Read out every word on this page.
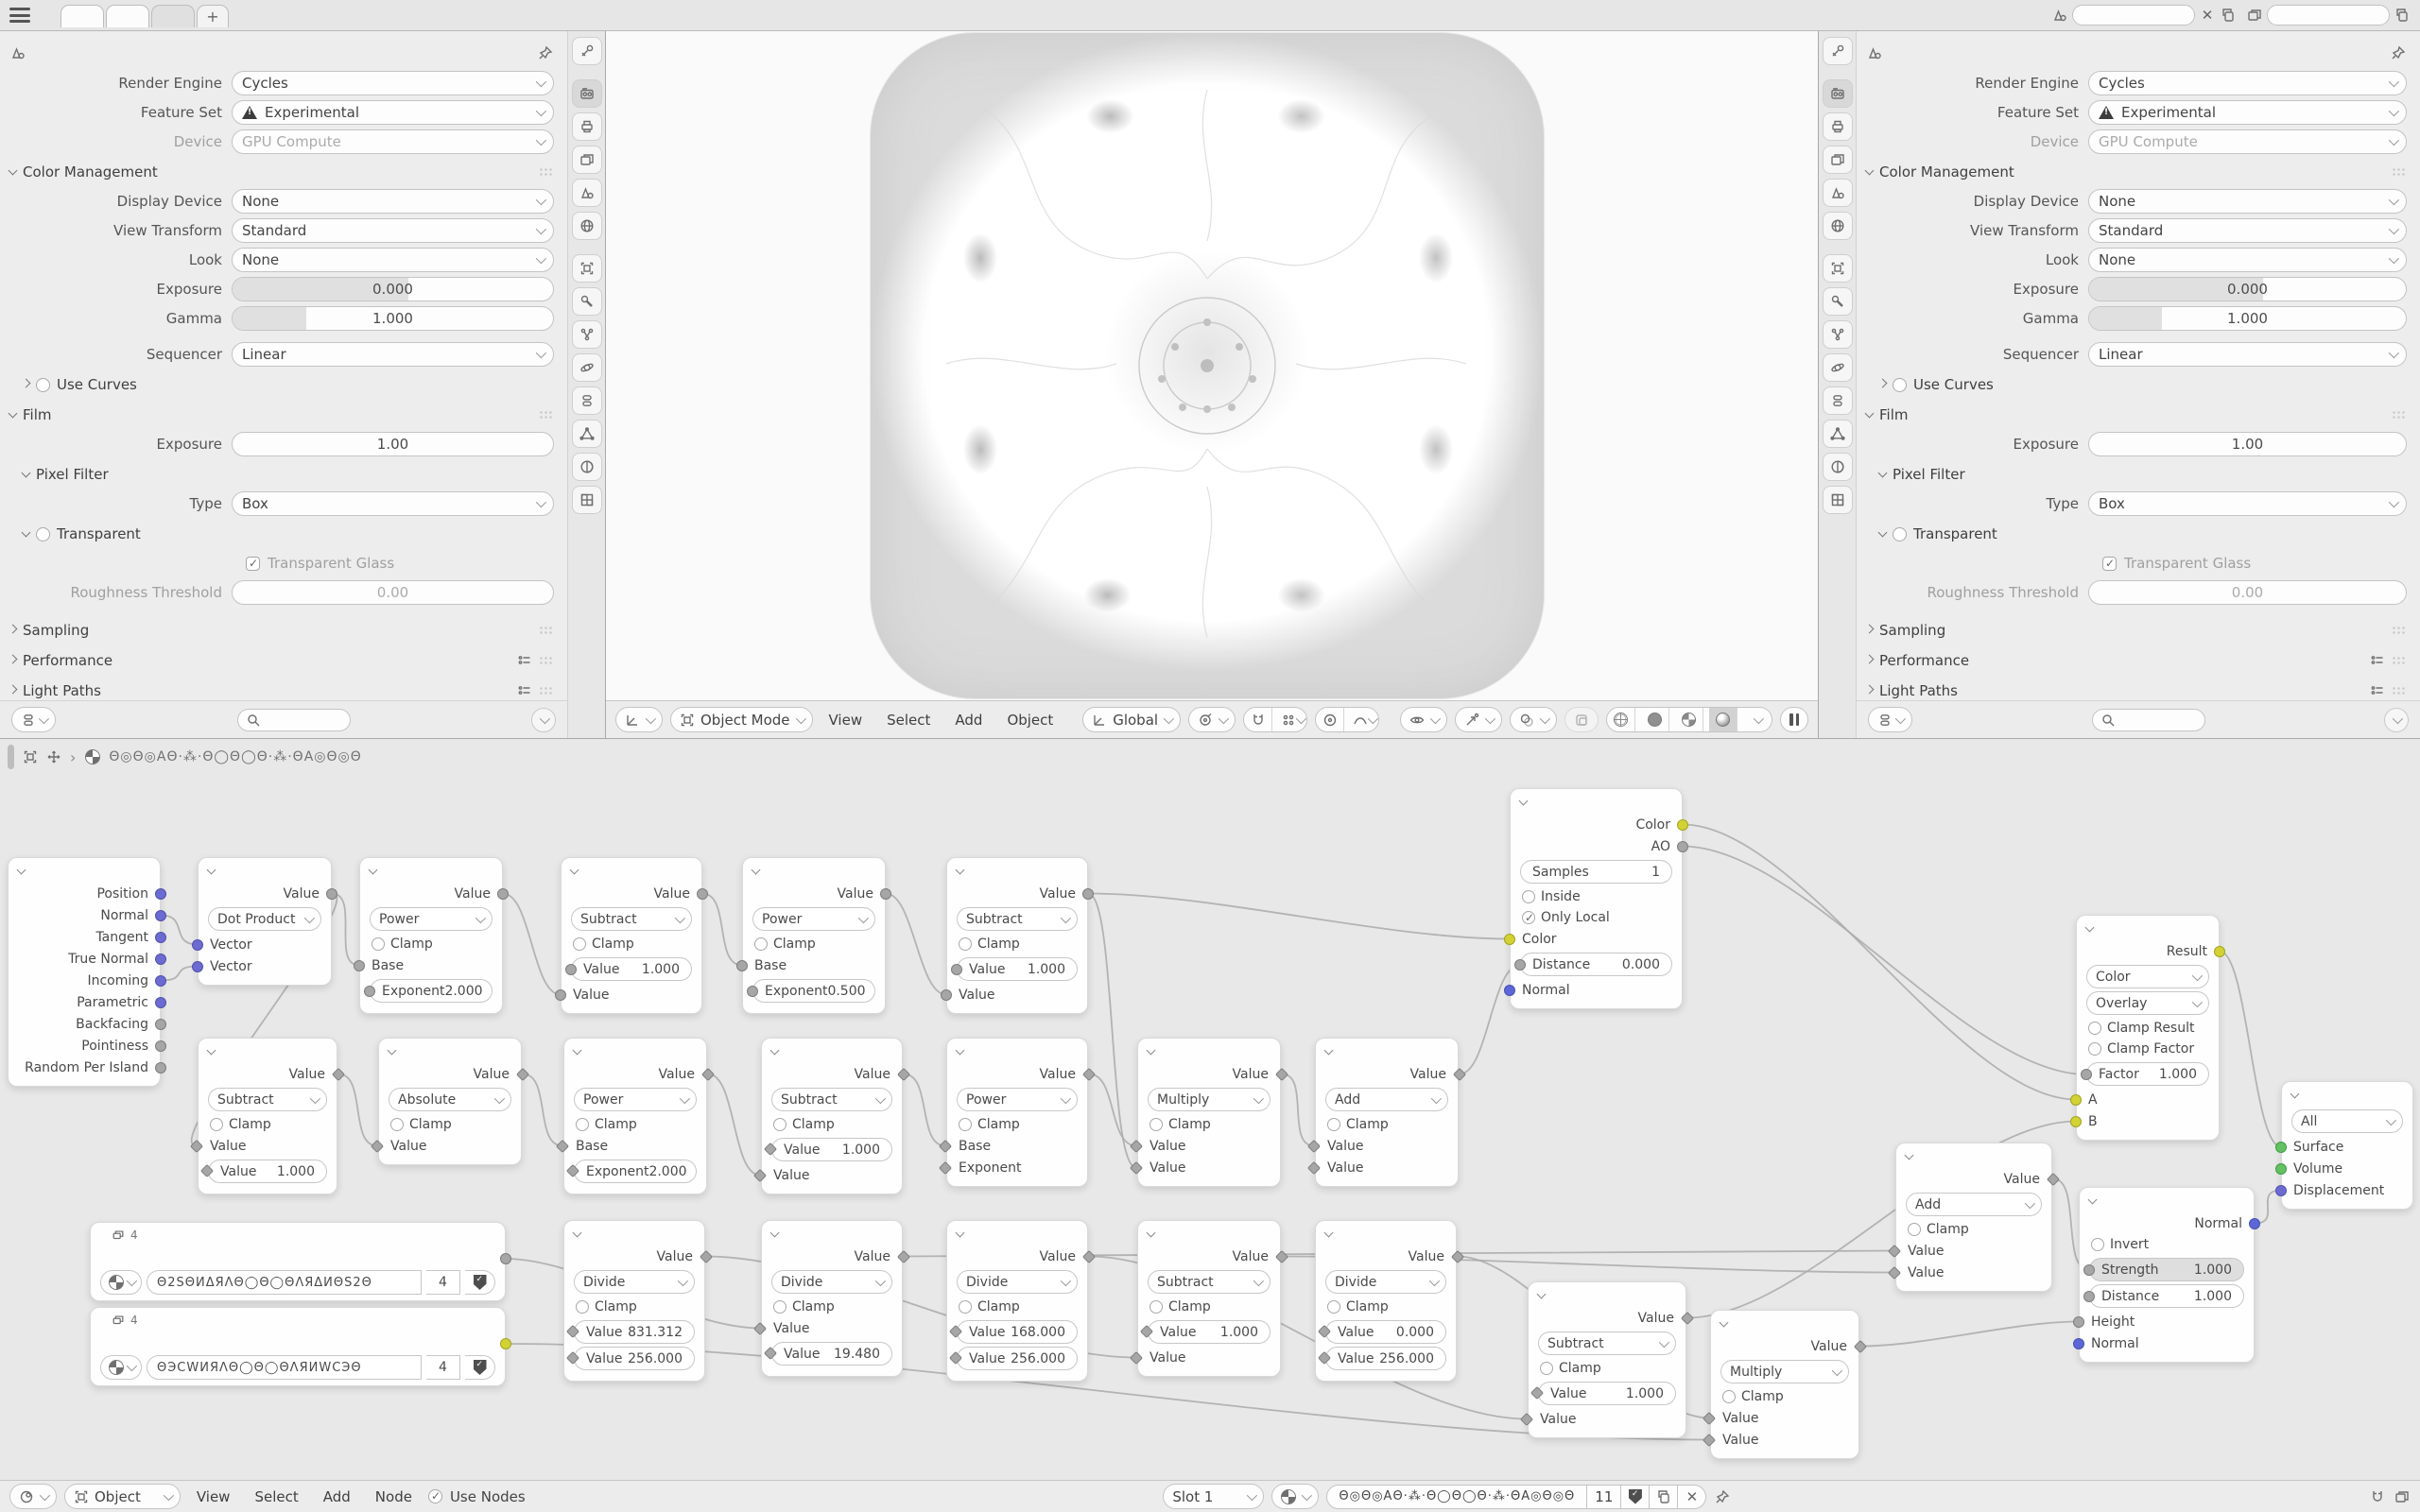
+	✕
Render Engine	Cycles
Feature Set !	Experimental
Device	GPU Compute
Color Management
Display Device	None
View Transform	Standard
Look	None
Exposure	0.000
Gamma	1.000
Sequencer	Linear
Use Curves
Film
Exposure	1.00
Pixel Filter
Type	Box
Transparent
✓
Transparent Glass
Roughness Threshold	0.00
Sampling
Performance
Light Paths
Object Mode	View	Select	Add	Object	Global
Render Engine	Cycles
Feature Set !	Experimental
Device	GPU Compute
Color Management
Display Device	None
View Transform	Standard
Look	None
Exposure	0.000
Gamma	1.000
Sequencer	Linear
Use Curves
Film
Exposure	1.00
Pixel Filter
Type	Box
Transparent
✓
Transparent Glass
Roughness Threshold	0.00
Sampling
Performance
Light Paths
Position
Normal
Tangent
True Normal
Incoming
Parametric
Backfacing
Pointiness
Random Per Island
Value
Dot Product
Vector
Vector
Value
Power
Clamp
Base
Exponent 2.000
Value
Subtract
Clamp
Value 1.000
Value
Value
Power
Clamp
Base
Exponent 0.500
Value
Subtract
Clamp
Value 1.000
Value
Value
Subtract
Clamp
Value
Value 1.000
Value
Absolute
Clamp
Value
Value
Power
Clamp
Base
Exponent 2.000
Value
Subtract
Clamp
Value 1.000
Value
Value
Power
Clamp
Base
Exponent
Value
Multiply
Clamp
Value
Value
Value
Add
Clamp
Value
Value
4
Θ2SΘИΔЯΛΘ◯Θ◯ΘΛЯΔИΘS2Θ	4
✓
4
ΘЭCWИЯΛΘ◯Θ◯ΘΛЯИWCЭΘ	4
✓
Value
Divide
Clamp
Value 831.312
Value 256.000
Value
Divide
Clamp
Value
Value 19.480
Value
Divide
Clamp
Value 168.000
Value 256.000
Value
Subtract
Clamp
Value 1.000
Value
Value
Divide
Clamp
Value 0.000
Value 256.000
Value
Subtract
Clamp
Value	1.000
Value
Value
Multiply
Clamp
Value
Value
Color
AO
Samples	1
Inside
✓
Only Local
Color
Distance 0.000
Normal
Value
Add
Clamp
Value
Value
Result
Color
Overlay
Clamp Result
Clamp Factor
Factor 1.000
A
B
Normal
Invert
Strength	1.000
Distance	1.000
Height
Normal
All
Surface
Volume
Displacement
› Θ◎Θ◎AΘ·⁂·Θ◯Θ◯Θ·⁂·ΘA◎Θ◎Θ
Object	View	Select	Add	Node ✓	Use Nodes	Slot 1	Θ◎Θ◎AΘ·⁂·Θ◯Θ◯Θ·⁂·ΘA◎Θ◎Θ	11 ✓	✕
